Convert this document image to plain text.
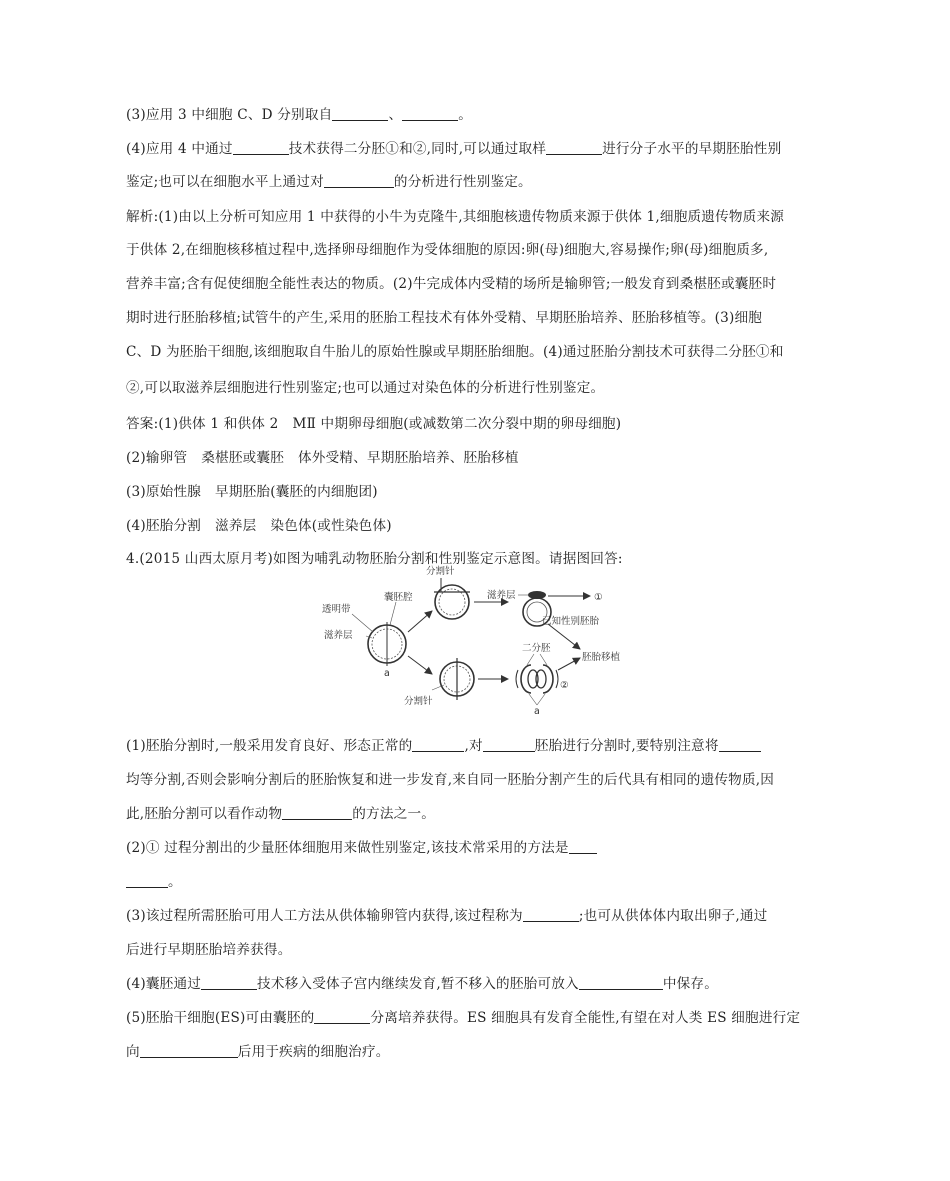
(3)应用 3 中细胞 C、D 分别取自	、	。
(4)应用 4 中通过	技术获得二分胚①和②,同时,可以通过取样	进行分子水平的早期胚胎性别
鉴定;也可以在细胞水平上通过对	的分析进行性别鉴定。
解析:(1)由以上分析可知应用 1 中获得的小牛为克隆牛,其细胞核遗传物质来源于供体 1,细胞质遗传物质来源
于供体 2,在细胞核移植过程中,选择卵母细胞作为受体细胞的原因:卵(母)细胞大,容易操作;卵(母)细胞质多,
营养丰富;含有促使细胞全能性表达的物质。(2)牛完成体内受精的场所是输卵管;一般发育到桑椹胚或囊胚时
期时进行胚胎移植;试管牛的产生,采用的胚胎工程技术有体外受精、早期胚胎培养、胚胎移植等。(3)细胞
C、D 为胚胎干细胞,该细胞取自牛胎儿的原始性腺或早期胚胎细胞。(4)通过胚胎分割技术可获得二分胚①和
②,可以取滋养层细胞进行性别鉴定;也可以通过对染色体的分析进行性别鉴定。
答案:(1)供体 1 和供体 2 MⅡ 中期卵母细胞(或减数第二次分裂中期的卵母细胞)
(2)输卵管 桑椹胚或囊胚 体外受精、早期胚胎培养、胚胎移植
(3)原始性腺 早期胚胎(囊胚的内细胞团)
(4)胚胎分割 滋养层 染色体(或性染色体)
4.(2015 山西太原月考)如图为哺乳动物胚胎分割和性别鉴定示意图。请据图回答:
透明带
囊胚腔
滋养层
a
分割针
分割针
滋养层	①
已知性别胚胎
二分胚
②
a
胚胎移植
(1)胚胎分割时,一般采用发育良好、形态正常的	,对	胚胎进行分割时,要特别注意将
均等分割,否则会影响分割后的胚胎恢复和进一步发育,来自同一胚胎分割产生的后代具有相同的遗传物质,因
此,胚胎分割可以看作动物	的方法之一。
(2)① 过程分割出的少量胚体细胞用来做性别鉴定,该技术常采用的方法是
。
(3)该过程所需胚胎可用人工方法从供体输卵管内获得,该过程称为	;也可从供体体内取出卵子,通过
后进行早期胚胎培养获得。
(4)囊胚通过	技术移入受体子宫内继续发育,暂不移入的胚胎可放入	中保存。
(5)胚胎干细胞(ES)可由囊胚的	分离培养获得。ES 细胞具有发育全能性,有望在对人类 ES 细胞进行定
向	后用于疾病的细胞治疗。
